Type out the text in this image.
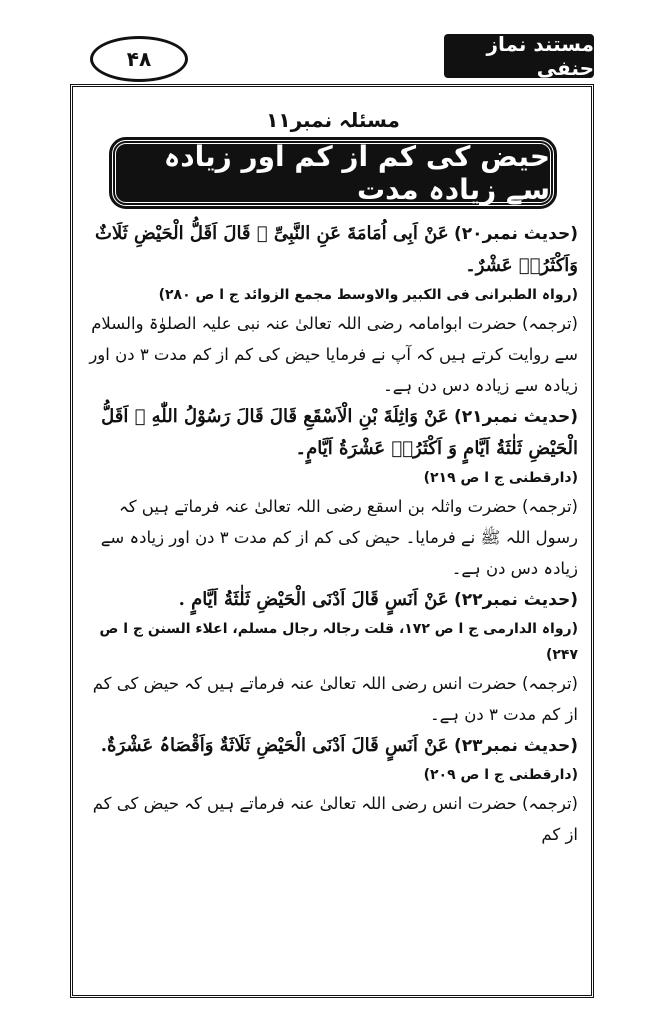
۴۸
مستند نماز حنفی
مسئلہ نمبر۱۱
حیض کی کم از کم اور زیادہ سے زیادہ مدت

(حدیث نمبر۲۰) عَنْ اَبِی اُمَامَةَ عَنِ النَّبِیِّ ﷺ قَالَ اَقَلُّ الْحَیْضِ ثَلَاثٌ وَاَکْثَرُہٗ عَشْرٌ۔

(رواہ الطبرانی فی الکبیر والاوسط مجمع الزوائد ج ا ص ۲۸۰)

(ترجمہ) حضرت ابوامامہ رضی اللہ تعالیٰ عنہ نبی علیہ الصلوٰۃ والسلام سے روایت کرتے ہیں کہ آپ نے فرمایا حیض کی کم از کم مدت ۳ دن اور زیادہ سے زیادہ دس دن ہے۔

(حدیث نمبر۲۱) عَنْ وَاثِلَةَ بْنِ الْاَسْقَعِ قَالَ قَالَ رَسُوْلُ اللّٰهِ ﷺ اَقَلُّ الْحَیْضِ ثَلٰثَةُ اَیَّامٍ وَ اَکْثَرُہٗ عَشْرَةُ اَیَّامٍ۔

(دارقطنی ج ا ص ۲۱۹)

(ترجمہ) حضرت واثلہ بن اسقع رضی اللہ تعالیٰ عنہ فرماتے ہیں کہ رسول اللہ ﷺ نے فرمایا۔ حیض کی کم از کم مدت ۳ دن اور زیادہ سے زیادہ دس دن ہے۔

(حدیث نمبر۲۲) عَنْ اَنَسٍ قَالَ اَدْنَی الْحَیْضِ ثَلٰثَةُ اَیَّامٍ .

(رواہ الدارمی ج ا ص ۱۷۲، قلت رجالہ رجال مسلم، اعلاء السنن ج ا ص ۲۴۷)

(ترجمہ) حضرت انس رضی اللہ تعالیٰ عنہ فرماتے ہیں کہ حیض کی کم از کم مدت ۳ دن ہے۔

(حدیث نمبر۲۳) عَنْ اَنَسٍ قَالَ اَدْنَی الْحَیْضِ ثَلَاثَةٌ وَاَقْصَاہُ عَشْرَةٌ.

(دارقطنی ج ا ص ۲۰۹)

(ترجمہ) حضرت انس رضی اللہ تعالیٰ عنہ فرماتے ہیں کہ حیض کی کم از کم
